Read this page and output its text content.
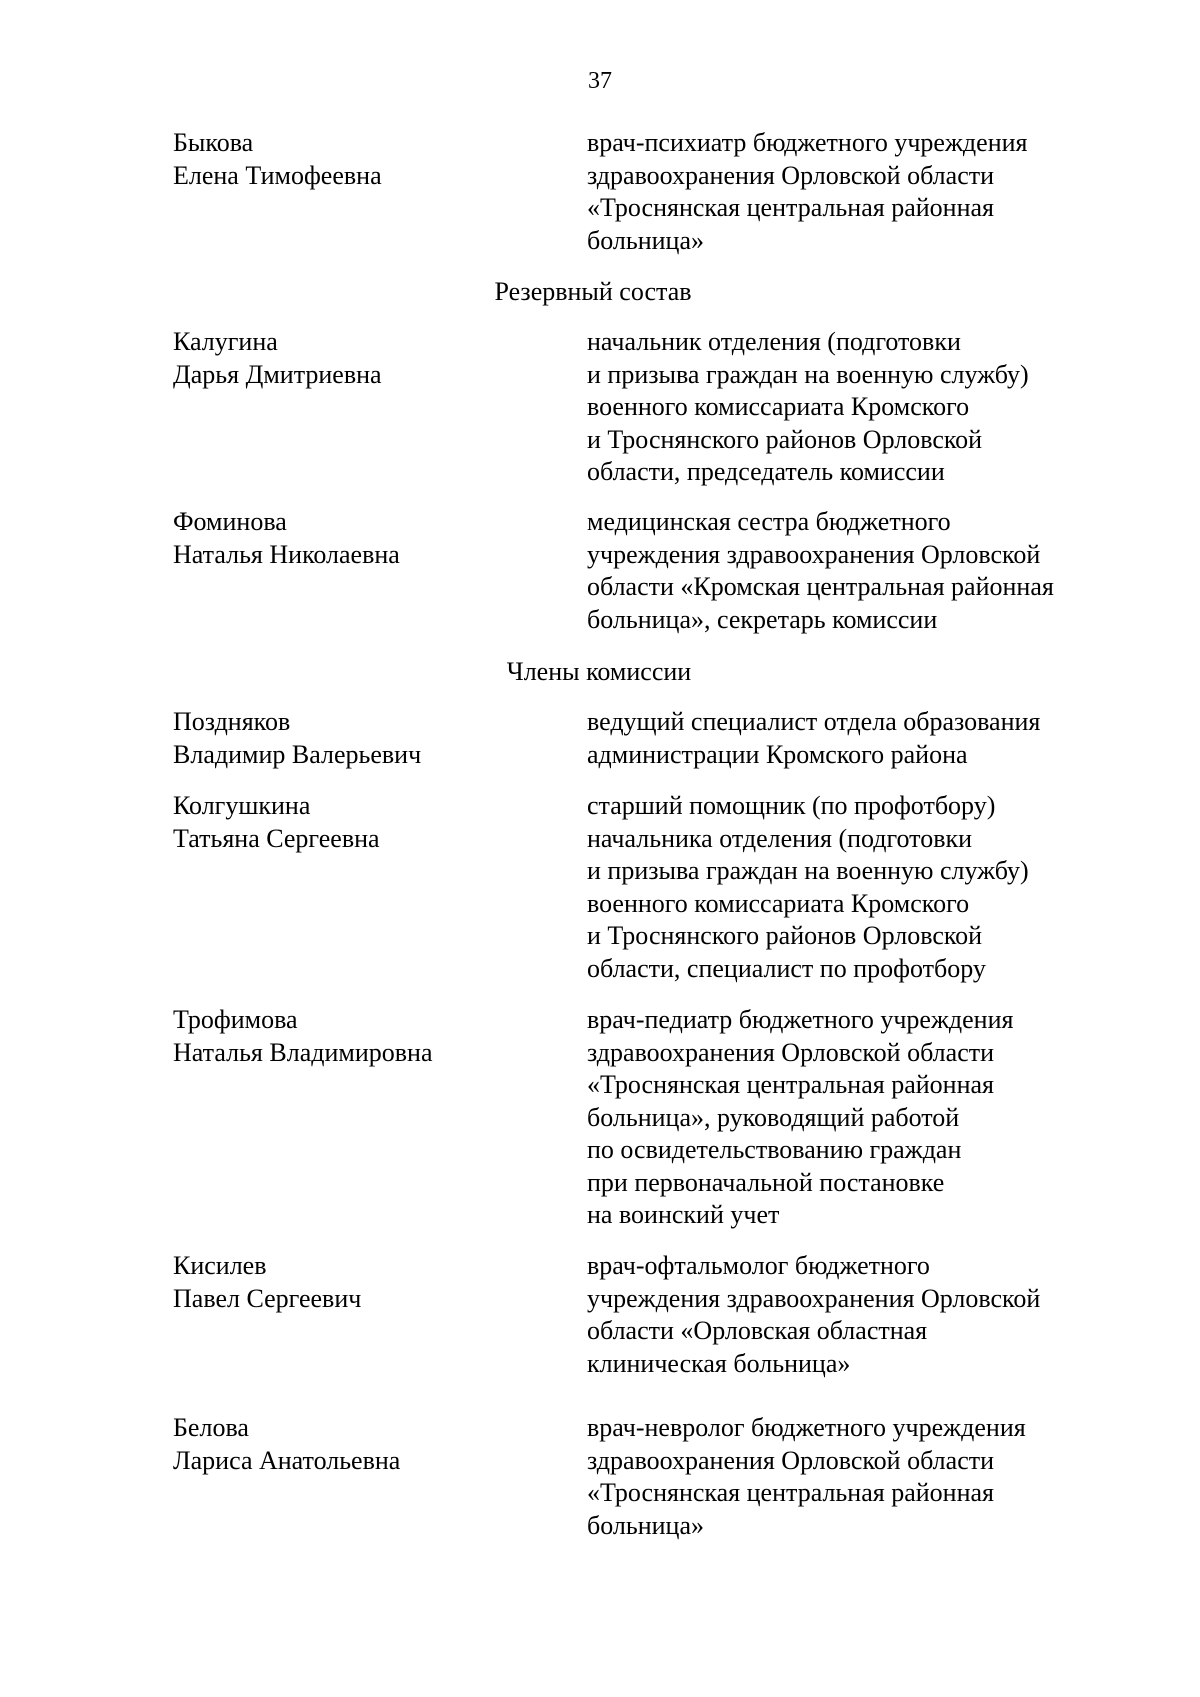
37
Быкова
Елена Тимофеевна
врач-психиатр бюджетного учреждения
здравоохранения Орловской области
«Троснянская центральная районная
больница»
Резервный состав
Калугина
Дарья Дмитриевна
начальник отделения (подготовки
и призыва граждан на военную службу)
военного комиссариата Кромского
и Троснянского районов Орловской
области, председатель комиссии
Фоминова
Наталья Николаевна
медицинская сестра бюджетного
учреждения здравоохранения Орловской
области «Кромская центральная районная
больница», секретарь комиссии
Члены комиссии
Поздняков
Владимир Валерьевич
ведущий специалист отдела образования
администрации Кромского района
Колгушкина
Татьяна Сергеевна
старший помощник (по профотбору)
начальника отделения (подготовки
и призыва граждан на военную службу)
военного комиссариата Кромского
и Троснянского районов Орловской
области, специалист по профотбору
Трофимова
Наталья Владимировна
врач-педиатр бюджетного учреждения
здравоохранения Орловской области
«Троснянская центральная районная
больница», руководящий работой
по освидетельствованию граждан
при первоначальной постановке
на воинский учет
Кисилев
Павел Сергеевич
врач-офтальмолог бюджетного
учреждения здравоохранения Орловской
области «Орловская областная
клиническая больница»
Белова
Лариса Анатольевна
врач-невролог бюджетного учреждения
здравоохранения Орловской области
«Троснянская центральная районная
больница»
